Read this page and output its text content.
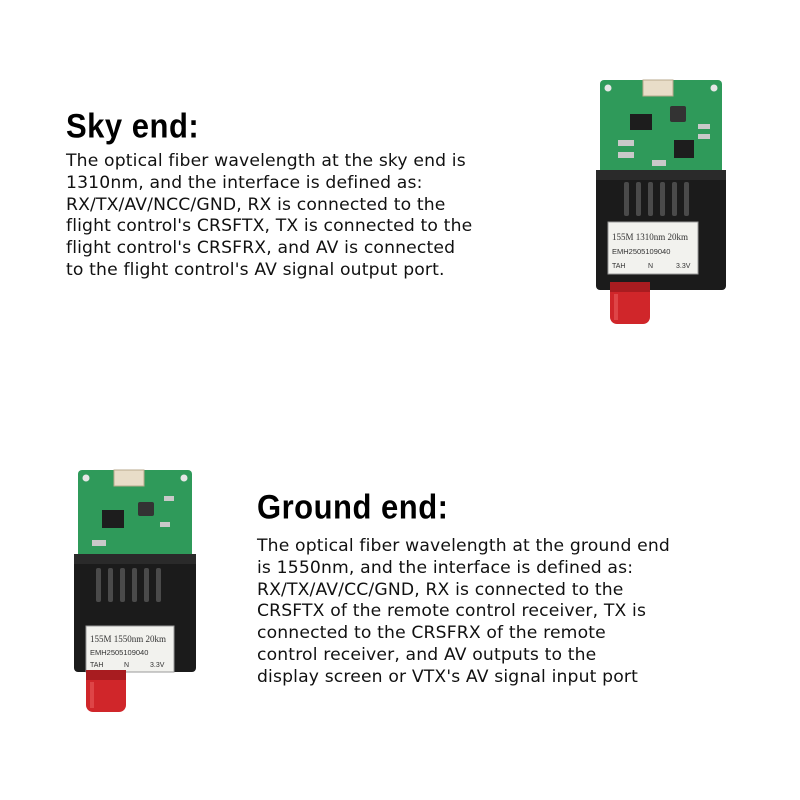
Sky end:

The optical fiber wavelength at the sky end is
1310nm, and the interface is defined as:
RX/TX/AV/NCC/GND, RX is connected to the
flight control's CRSFTX, TX is connected to the
flight control's CRSFRX, and AV is connected
to the flight control's AV signal output port.

155M 1310nm 20km
EMH2505109040
TAH	N	3.3V
Ground end:

The optical fiber wavelength at the ground end
is 1550nm, and the interface is defined as:
RX/TX/AV/CC/GND, RX is connected to the
CRSFTX of the remote control receiver, TX is
connected to the CRSFRX of the remote
control receiver, and AV outputs to the
display screen or VTX's AV signal input port

155M 1550nm 20km
EMH2505109040
TAH	N	3.3V
